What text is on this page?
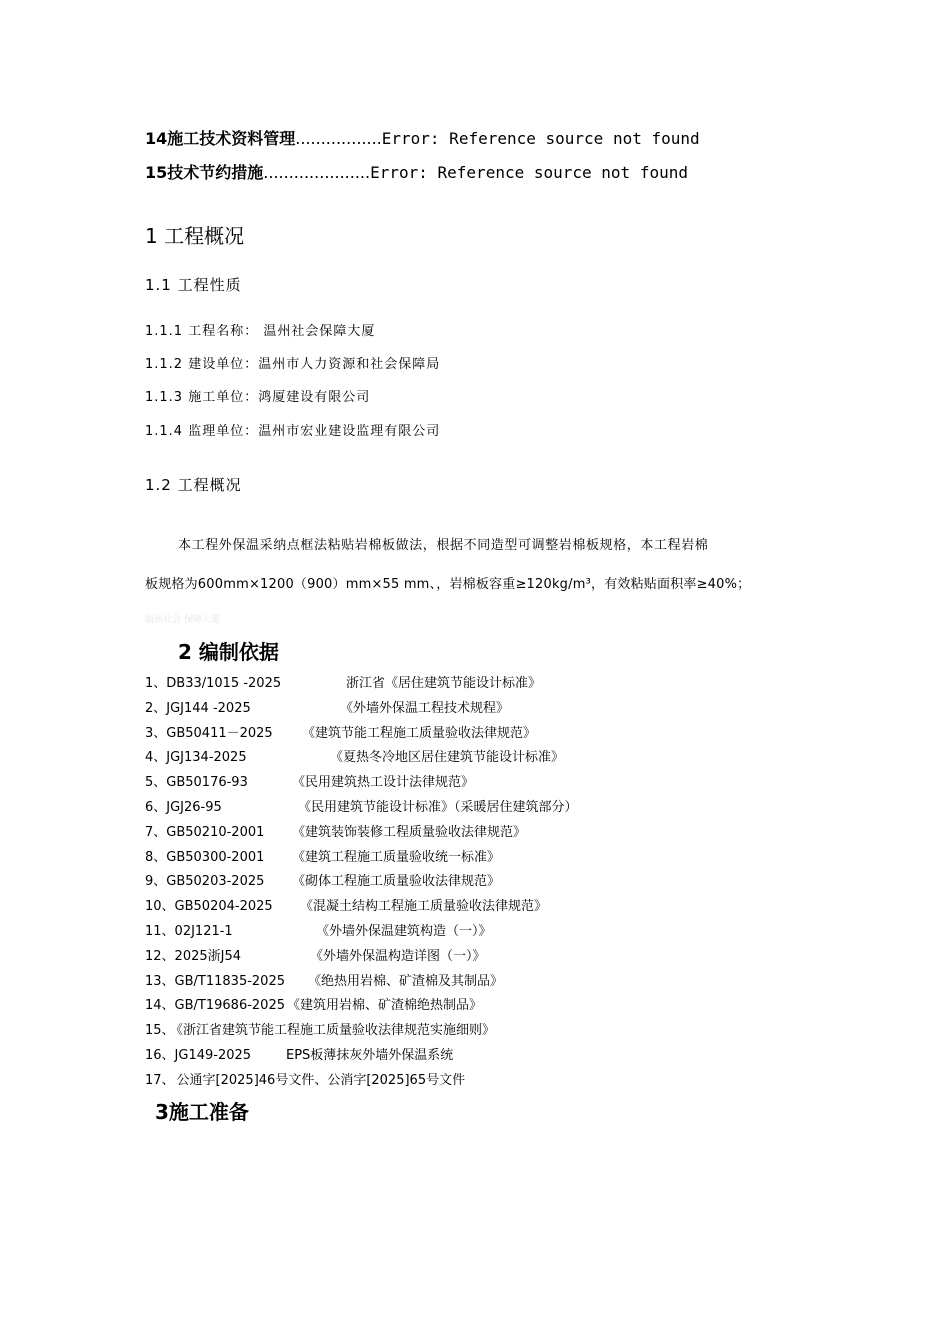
14施工技术资料管理.................Error: Reference source not found
15技术节约措施.....................Error: Reference source not found
1 工程概况
1.1 工程性质
1.1.1 工程名称： 温州社会保障大厦
1.1.2 建设单位：温州市人力资源和社会保障局
1.1.3 施工单位：鸿厦建设有限公司
1.1.4 监理单位：温州市宏业建设监理有限公司
1.2 工程概况
本工程外保温采纳点框法粘贴岩棉板做法，根据不同造型可调整岩棉板规格，本工程岩棉
板规格为600mm×1200（900）mm×55 mm、，岩棉板容重≥120kg/m³，有效粘贴面积率≥40%；
温州社会 保障大厦
2 编制依据
1、DB33/1015 -2025	浙江省《居住建筑节能设计标准》
2、JGJ144 -2025	《外墙外保温工程技术规程》
3、GB50411－2025 《建筑节能工程施工质量验收法律规范》
4、JGJ134-2025	《夏热冬冷地区居住建筑节能设计标准》
5、GB50176-93	《民用建筑热工设计法律规范》
6、JGJ26-95	《民用建筑节能设计标准》（采暖居住建筑部分）
7、GB50210-2001 《建筑装饰装修工程质量验收法律规范》
8、GB50300-2001 《建筑工程施工质量验收统一标准》
9、GB50203-2025 《砌体工程施工质量验收法律规范》
10、GB50204-2025 《混凝土结构工程施工质量验收法律规范》
11、02J121-1	《外墙外保温建筑构造（一）》
12、2025浙J54	《外墙外保温构造详图（一）》
13、GB/T11835-2025 《绝热用岩棉、矿渣棉及其制品》
14、GB/T19686-2025 《建筑用岩棉、矿渣棉绝热制品》
15、 《浙江省建筑节能工程施工质量验收法律规范实施细则》
16、JG149-2025	EPS板薄抹灰外墙外保温系统
17、 公通字[2025]46号文件、公消字[2025]65号文件
3施工准备
